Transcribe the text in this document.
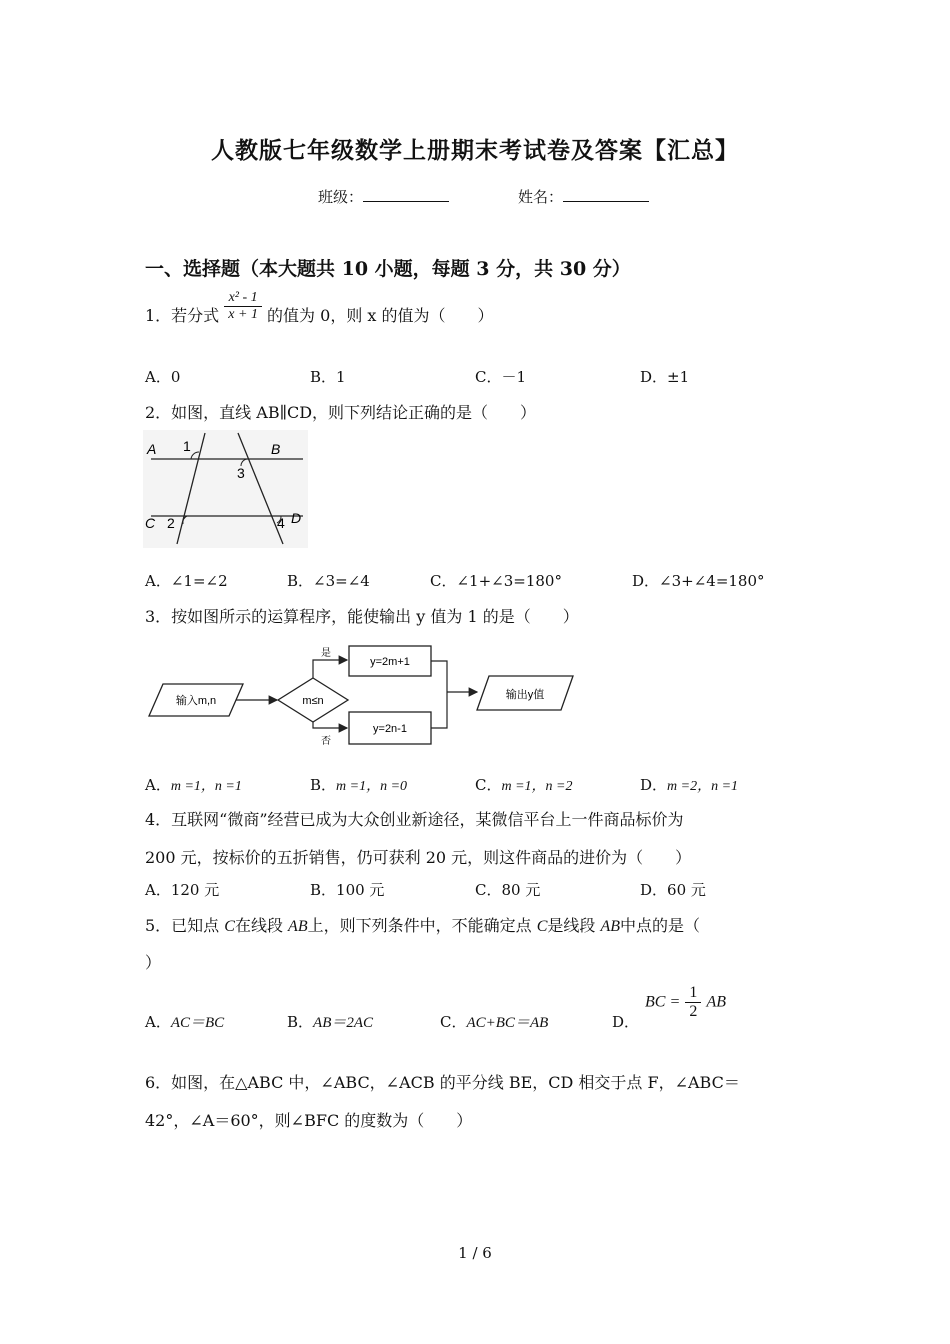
人教版七年级数学上册期末考试卷及答案【汇总】
班级：	姓名：
一、选择题（本大题共 10 小题，每题 3 分，共 30 分）
1．若分式 $\frac{\text{x² - 1}}{x + 1}$ 的值为 0，则 x 的值为（　　）
A．0	B．1	C．－1	D．±1
2．如图，直线 AB∥CD，则下列结论正确的是（　　）
A 1	B
3
C 2	4 D
A．∠1=∠2	B．∠3=∠4	C．∠1+∠3=180°	D．∠3+∠4=180°
3．按如图所示的运算程序，能使输出 y 值为 1 的是（　　）
输入m,n	m≤n
是
否
y=2m+1
y=2n-1
输出y值
A．m =1，n =1	B．m =1，n =0	C．m =1，n =2	D．m =2，n =1
4．互联网“微商”经营已成为大众创业新途径，某微信平台上一件商品标价为
200 元，按标价的五折销售，仍可获利 20 元，则这件商品的进价为（　　）
A．120 元	B．100 元	C．80 元	D．60 元
5．已知点 C在线段 AB上，则下列条件中，不能确定点 C是线段 AB中点的是（
）
A．AC＝BC	B．AB＝2AC	C．AC+BC＝AB	D．
BC = $\frac{1}{2}$ AB
6．如图，在△ABC 中，∠ABC，∠ACB 的平分线 BE，CD 相交于点 F，∠ABC＝
42°，∠A＝60°，则∠BFC 的度数为（　　）
1 / 6
